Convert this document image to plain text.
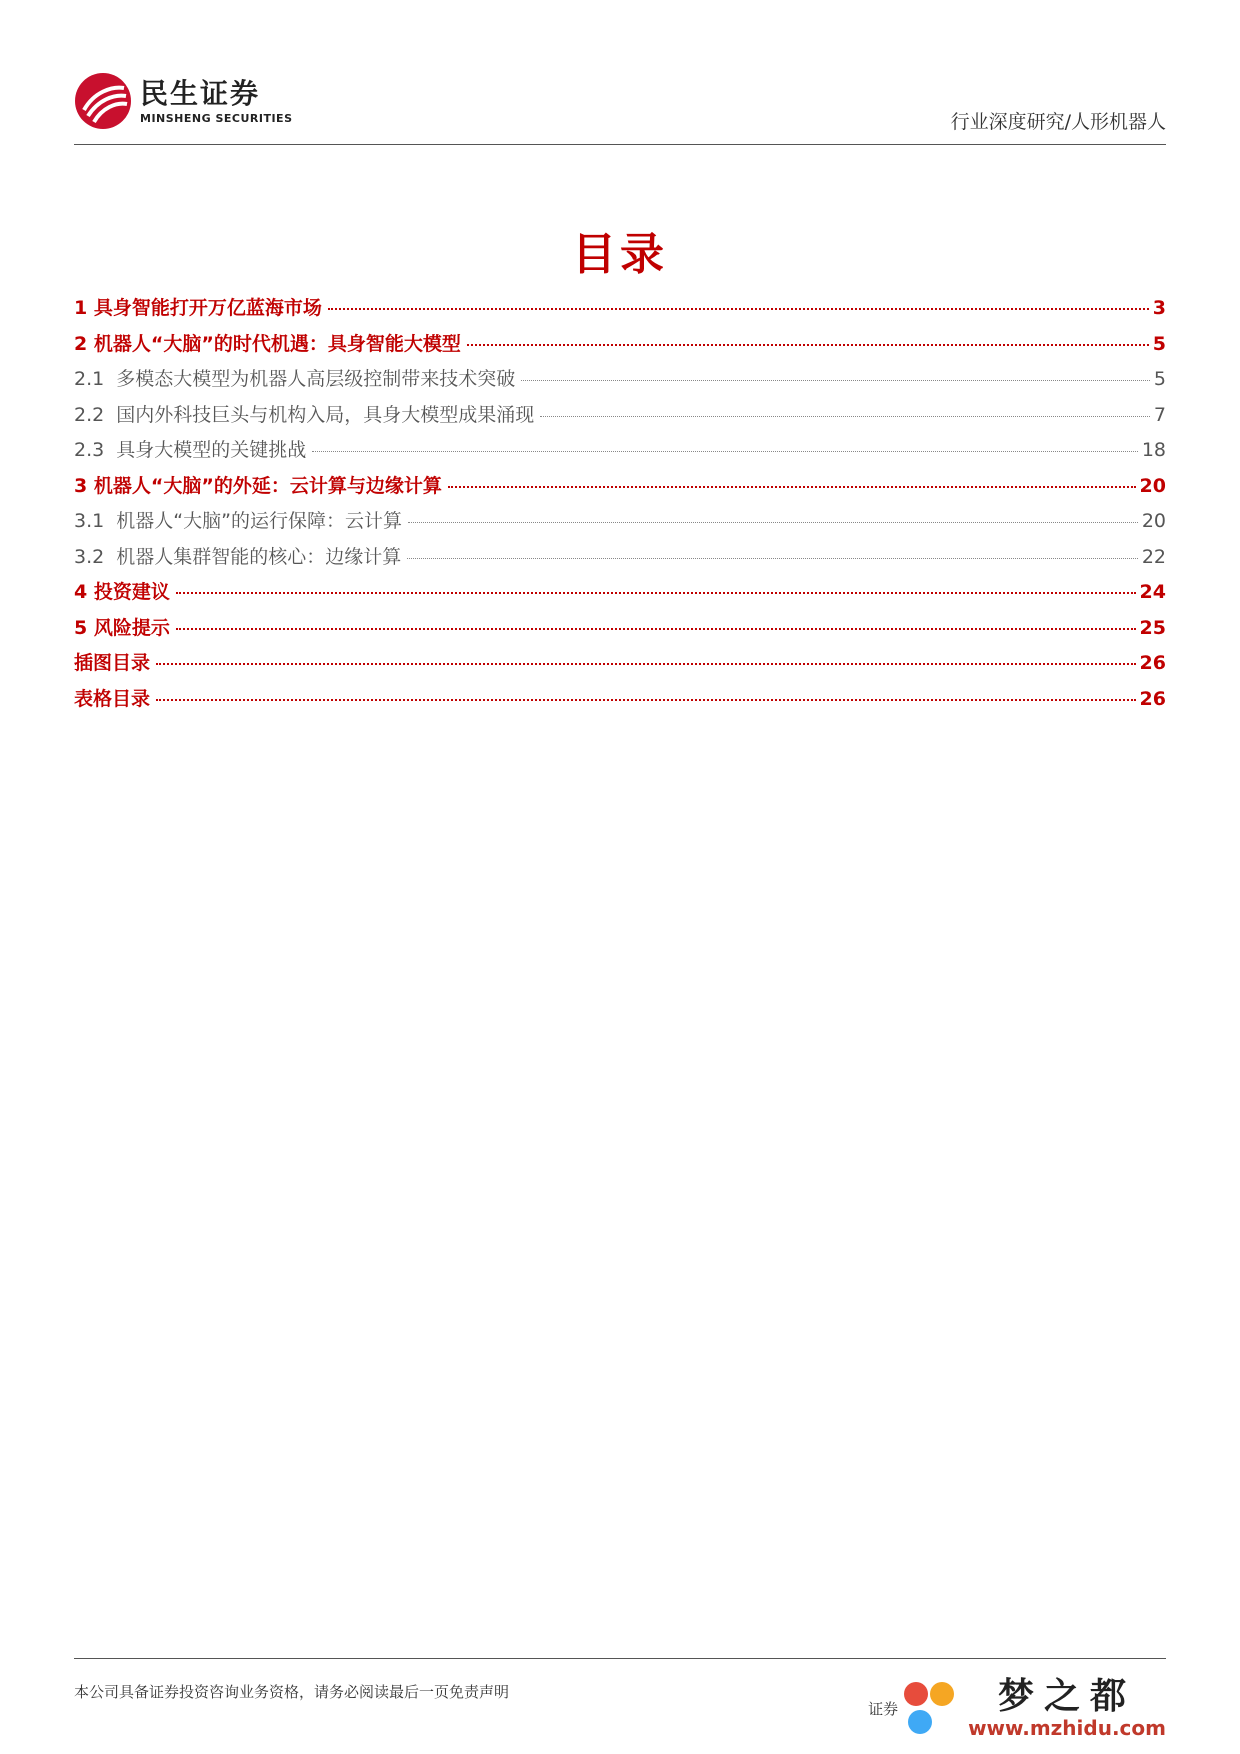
民生证券
MINSHENG SECURITIES	行业深度研究/人形机器人
目录
1 具身智能打开万亿蓝海市场	3
2 机器人“大脑”的时代机遇：具身智能大模型	5
2.1 多模态大模型为机器人高层级控制带来技术突破	5
2.2 国内外科技巨头与机构入局，具身大模型成果涌现	7
2.3 具身大模型的关键挑战	18
3 机器人“大脑”的外延：云计算与边缘计算	20
3.1 机器人“大脑”的运行保障：云计算	20
3.2 机器人集群智能的核心：边缘计算	22
4 投资建议	24
5 风险提示	25
插图目录	26
表格目录	26
本公司具备证券投资咨询业务资格，请务必阅读最后一页免责声明
证券	梦之都
www.mzhidu.com
